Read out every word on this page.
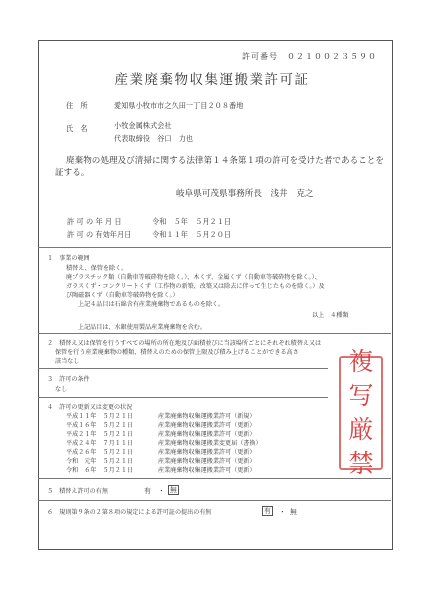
許可番号　０２１００２３５９０
産業廃棄物収集運搬業許可証
住　所	愛知県小牧市市之久田一丁目２０８番地
氏　名	小牧金属株式会社
代表取締役　谷口　力也
廃棄物の処理及び清掃に関する法律第１４条第１項の許可を受けた者であることを
証する。
岐阜県可茂県事務所長　浅井　克之
許 可 の 年 月 日	令和　５年　５月２１日
許 可 の 有効年月日	令和１１年　５月２０日
１　事業の範囲
積替え、保管を除く。
廃プラスチック類（自動車等破砕物を除く。）、木くず、金属くず（自動車等破砕物を除く。）、
ガラスくず・コンクリートくず（工作物の新築、改築又は除去に伴って生じたものを除く。）及
び陶磁器くず（自動車等破砕物を除く。）
上記４品目は石綿含有産業廃棄物であるものを除く。
以上　４種類
上記品目は、水銀使用製品産業廃棄物を含む。
２　積替え又は保管を行うすべての場所の所在地及び面積並びに当該場所ごとにそれぞれ積替え又は
保管を行う産業廃棄物の種類、積替えのための保管上限及び積み上げることができる高さ
該当なし
３　許可の条件
なし
４　許可の更新又は変更の状況
平成１１年　５月２１日	産業廃棄物収集運搬業許可（新規）
平成１６年　５月２１日	産業廃棄物収集運搬業許可（更新）
平成２１年　５月２１日	産業廃棄物収集運搬業許可（更新）
平成２４年　７月１１日	産業廃棄物収集運搬業変更届（書換）
平成２６年　５月２１日	産業廃棄物収集運搬業許可（更新）
令和　元年　５月２１日	産業廃棄物収集運搬業許可（更新）
令和　６年　５月２１日	産業廃棄物収集運搬業許可（更新）
５　積替え許可の有無	有 ・ 無
６　規則第９条の２第８項の規定による許可証の提出の有無	有 ・ 無
複
写
厳
禁
